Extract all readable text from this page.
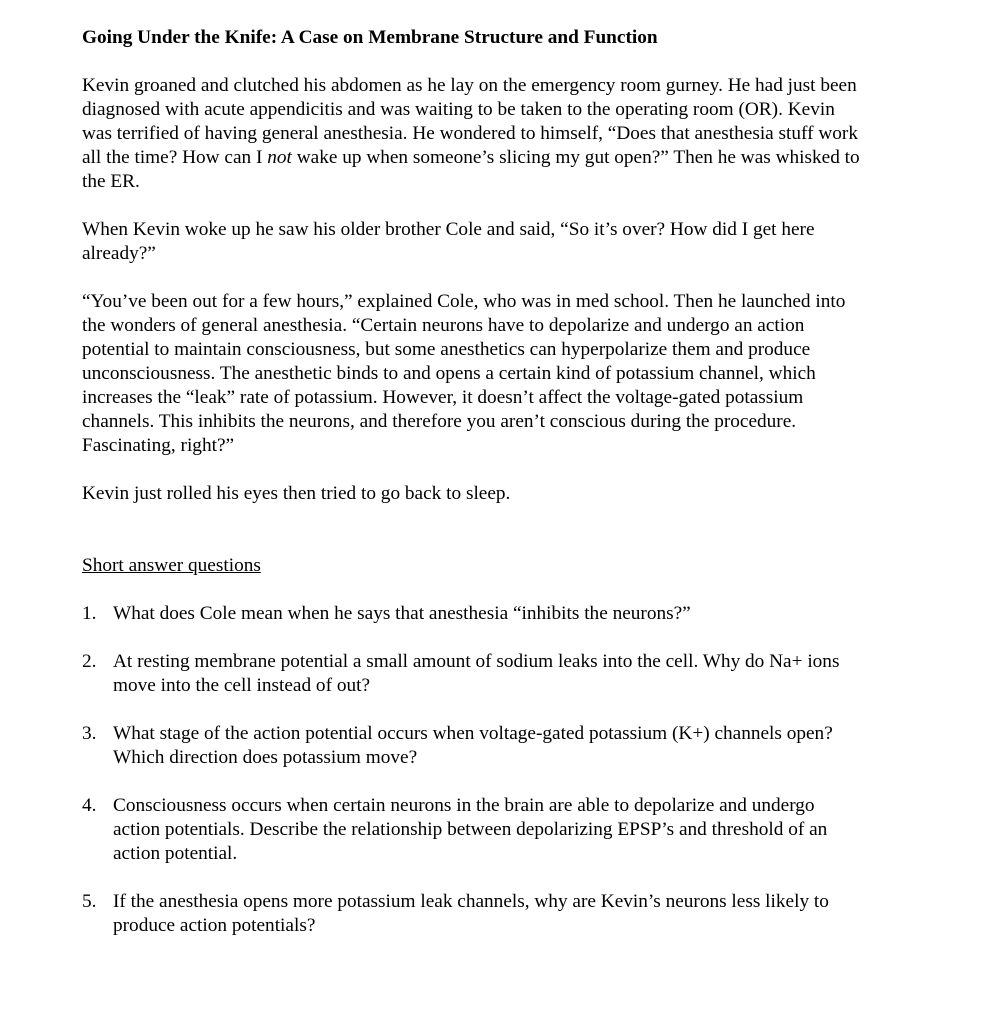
Going Under the Knife: A Case on Membrane Structure and Function

Kevin groaned and clutched his abdomen as he lay on the emergency room gurney. He had just been diagnosed with acute appendicitis and was waiting to be taken to the operating room (OR). Kevin was terrified of having general anesthesia. He wondered to himself, “Does that anesthesia stuff work all the time? How can I not wake up when someone’s slicing my gut open?” Then he was whisked to the ER.

When Kevin woke up he saw his older brother Cole and said, “So it’s over? How did I get here already?”

“You’ve been out for a few hours,” explained Cole, who was in med school. Then he launched into the wonders of general anesthesia. “Certain neurons have to depolarize and undergo an action potential to maintain consciousness, but some anesthetics can hyperpolarize them and produce unconsciousness. The anesthetic binds to and opens a certain kind of potassium channel, which increases the “leak” rate of potassium. However, it doesn’t affect the voltage-gated potassium channels. This inhibits the neurons, and therefore you aren’t conscious during the procedure. Fascinating, right?”

Kevin just rolled his eyes then tried to go back to sleep.

Short answer questions

1. What does Cole mean when he says that anesthesia “inhibits the neurons?”
2. At resting membrane potential a small amount of sodium leaks into the cell. Why do Na+ ions move into the cell instead of out?
3. What stage of the action potential occurs when voltage-gated potassium (K+) channels open? Which direction does potassium move?
4. Consciousness occurs when certain neurons in the brain are able to depolarize and undergo action potentials. Describe the relationship between depolarizing EPSP’s and threshold of an action potential.
5. If the anesthesia opens more potassium leak channels, why are Kevin’s neurons less likely to produce action potentials?
